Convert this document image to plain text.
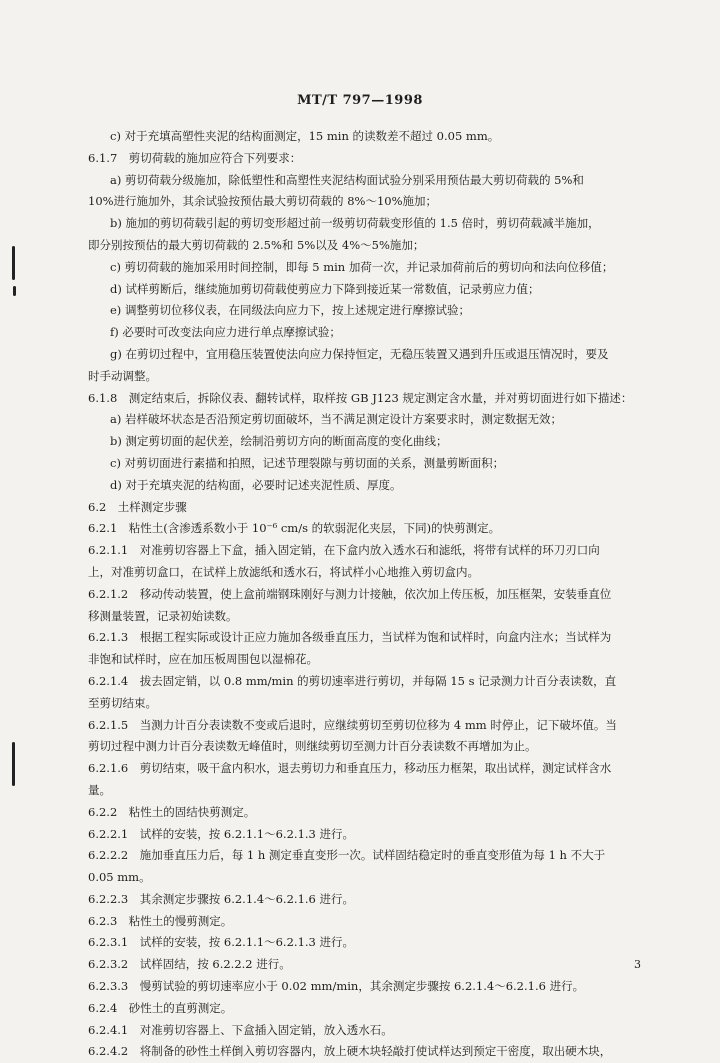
MT/T 797—1998
c) 对于充填高塑性夹泥的结构面测定，15 min 的读数差不超过 0.05 mm。
6.1.7　剪切荷载的施加应符合下列要求：
a) 剪切荷载分级施加，除低塑性和高塑性夹泥结构面试验分别采用预估最大剪切荷载的 5%和
10%进行施加外，其余试验按预估最大剪切荷载的 8%～10%施加；
b) 施加的剪切荷载引起的剪切变形超过前一级剪切荷载变形值的 1.5 倍时，剪切荷载减半施加，
即分别按预估的最大剪切荷载的 2.5%和 5%以及 4%～5%施加；
c) 剪切荷载的施加采用时间控制，即每 5 min 加荷一次，并记录加荷前后的剪切向和法向位移值；
d) 试样剪断后，继续施加剪切荷载使剪应力下降到接近某一常数值，记录剪应力值；
e) 调整剪切位移仪表，在同级法向应力下，按上述规定进行摩擦试验；
f) 必要时可改变法向应力进行单点摩擦试验；
g) 在剪切过程中，宜用稳压装置使法向应力保持恒定，无稳压装置又遇到升压或退压情况时，要及
时手动调整。
6.1.8　测定结束后，拆除仪表、翻转试样，取样按 GB J123 规定测定含水量，并对剪切面进行如下描述：
a) 岩样破坏状态是否沿预定剪切面破坏，当不满足测定设计方案要求时，测定数据无效；
b) 测定剪切面的起伏差，绘制沿剪切方向的断面高度的变化曲线；
c) 对剪切面进行素描和拍照，记述节理裂隙与剪切面的关系，测量剪断面积；
d) 对于充填夹泥的结构面，必要时记述夹泥性质、厚度。
6.2　土样测定步骤
6.2.1　粘性土(含渗透系数小于 10⁻⁶ cm/s 的软弱泥化夹层，下同)的快剪测定。
6.2.1.1　对准剪切容器上下盒，插入固定销，在下盒内放入透水石和滤纸，将带有试样的环刀刃口向
上，对准剪切盒口，在试样上放滤纸和透水石，将试样小心地推入剪切盒内。
6.2.1.2　移动传动装置，使上盒前端钢珠刚好与测力计接触，依次加上传压板，加压框架，安装垂直位
移测量装置，记录初始读数。
6.2.1.3　根据工程实际或设计正应力施加各级垂直压力，当试样为饱和试样时，向盒内注水；当试样为
非饱和试样时，应在加压板周围包以湿棉花。
6.2.1.4　拔去固定销，以 0.8 mm/min 的剪切速率进行剪切，并每隔 15 s 记录测力计百分表读数，直
至剪切结束。
6.2.1.5　当测力计百分表读数不变或后退时，应继续剪切至剪切位移为 4 mm 时停止，记下破坏值。当
剪切过程中测力计百分表读数无峰值时，则继续剪切至测力计百分表读数不再增加为止。
6.2.1.6　剪切结束，吸干盒内积水，退去剪切力和垂直压力，移动压力框架，取出试样，测定试样含水
量。
6.2.2　粘性土的固结快剪测定。
6.2.2.1　试样的安装，按 6.2.1.1～6.2.1.3 进行。
6.2.2.2　施加垂直压力后，每 1 h 测定垂直变形一次。试样固结稳定时的垂直变形值为每 1 h 不大于
0.05 mm。
6.2.2.3　其余测定步骤按 6.2.1.4～6.2.1.6 进行。
6.2.3　粘性土的慢剪测定。
6.2.3.1　试样的安装，按 6.2.1.1～6.2.1.3 进行。
6.2.3.2　试样固结，按 6.2.2.2 进行。
6.2.3.3　慢剪试验的剪切速率应小于 0.02 mm/min，其余测定步骤按 6.2.1.4～6.2.1.6 进行。
6.2.4　砂性土的直剪测定。
6.2.4.1　对准剪切容器上、下盒插入固定销，放入透水石。
6.2.4.2　将制备的砂性土样倒入剪切容器内，放上硬木块轻敲打使试样达到预定干密度，取出硬木块，
3
